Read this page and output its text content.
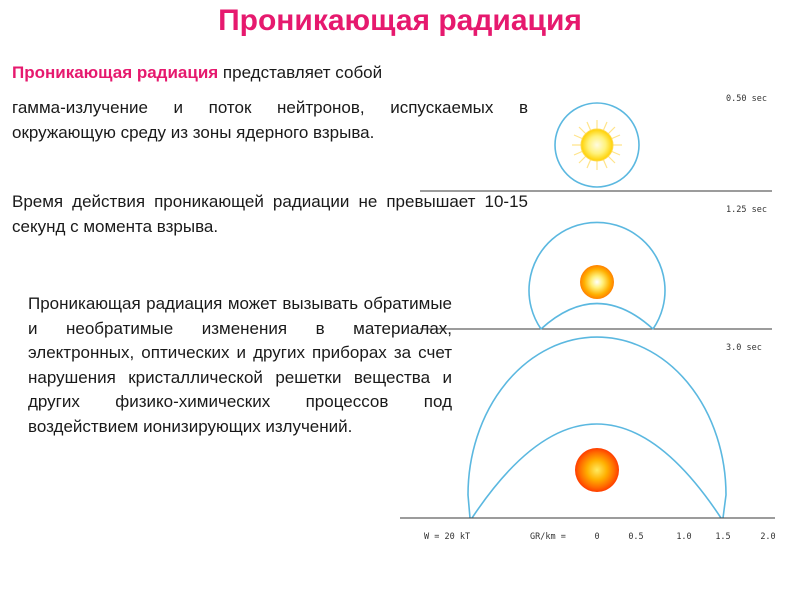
Проникающая радиация

Проникающая радиация представляет собой

гамма-излучение и поток нейтронов, испускаемых в окружающую среду из зоны ядерного взрыва.

Время действия проникающей радиации не превышает 10-15 секунд с момента взрыва.

0.50 sec
1.25 sec
3.0 sec
W = 20 kT	GR/km =	0	0.5	1.0	1.5	2.0

Проникающая радиация может вызывать обратимые и необратимые изменения в материалах, электронных, оптических и других приборах за счет нарушения кристаллической решетки вещества и других физико-химических процессов под воздействием ионизирующих излучений.
